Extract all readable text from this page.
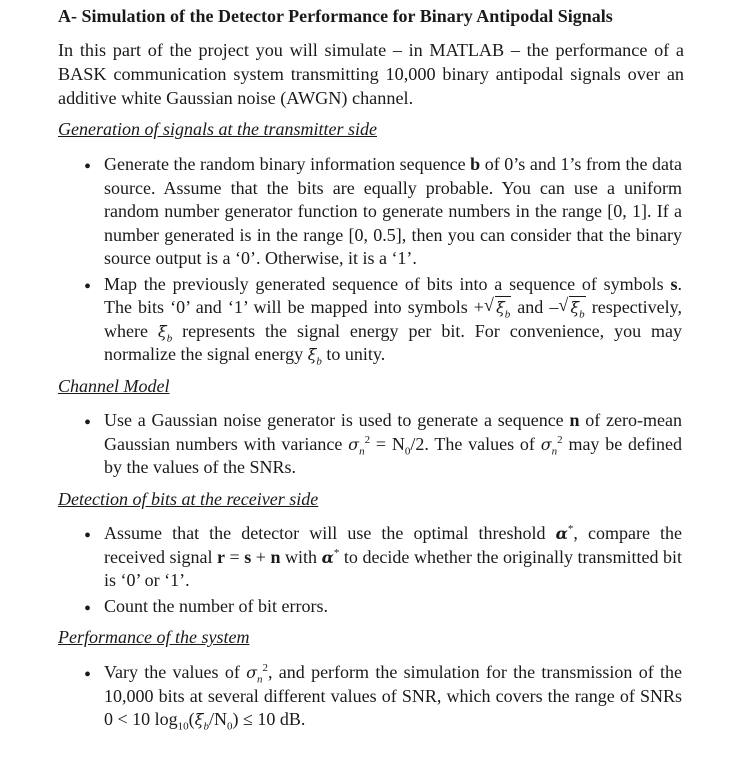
A- Simulation of the Detector Performance for Binary Antipodal Signals
In this part of the project you will simulate – in MATLAB – the performance of a BASK communication system transmitting 10,000 binary antipodal signals over an additive white Gaussian noise (AWGN) channel.
Generation of signals at the transmitter side
• Generate the random binary information sequence b of 0’s and 1’s from the data source. Assume that the bits are equally probable. You can use a uniform random number generator function to generate numbers in the range [0, 1]. If a number generated is in the range [0, 0.5], then you can consider that the binary source output is a ‘0’. Otherwise, it is a ‘1’.
• Map the previously generated sequence of bits into a sequence of symbols s. The bits ‘0’ and ‘1’ will be mapped into symbols + √ $\xi_b$ and – √ $\xi_b$ respectively, where $\xi_b$ represents the signal energy per bit. For convenience, you may normalize the signal energy $\xi_b$ to unity.
Channel Model
• Use a Gaussian noise generator is used to generate a sequence n of zero-mean Gaussian numbers with variance $\sigma_n^2 = N_0/2$. The values of $\sigma_n^2$ may be defined by the values of the SNRs.
Detection of bits at the receiver side
• Assume that the detector will use the optimal threshold α*, compare the received signal r = s + n with α* to decide whether the originally transmitted bit is ‘0’ or ‘1’.
• Count the number of bit errors.
Performance of the system
• Vary the values of $\sigma_n^2$, and perform the simulation for the transmission of the 10,000 bits at several different values of SNR, which covers the range of SNRs 0 < 10 $\log_{10}(\xi_b/N_0) \le 10$ dB.
